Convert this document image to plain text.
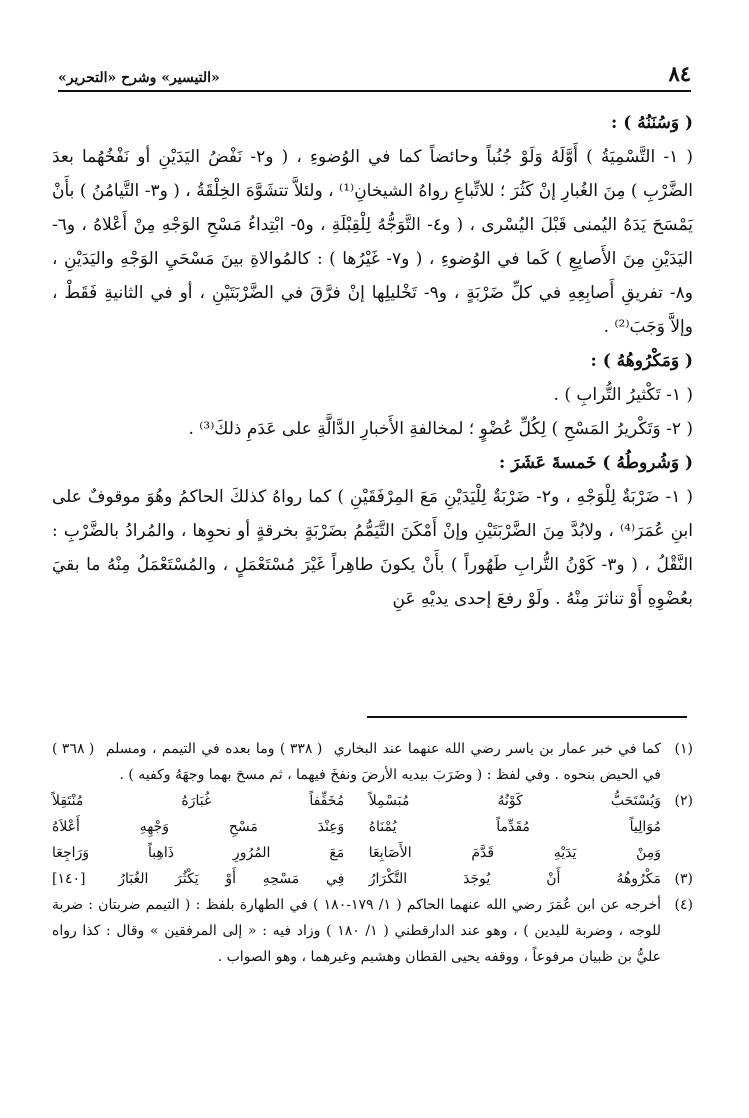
٨٤
«التيسير» وشرح «التحرير»

( وَسُنَنُهُ ) :

( ١- التَّسْمِيَةُ ) أَوَّلَهُ وَلَوْ جُنُباً وحائضاً كما في الوُضوءِ ، ( و٢- نَفْضُ اليَدَيْنِ أو نَفْخُهُما بعدَ الضَّرْبِ ) مِنَ الغُبارِ إنْ كَثُرَ ؛ للاتِّباعِ رواهُ الشيخانِ⁽¹⁾ ، ولئلاَّ تتشَوَّهَ الخِلْقَةُ ، ( و٣- التَّيامُنُ ) بأَنْ يَمْسَحَ يَدَهُ اليُمنى قَبْلَ اليُسْرى ، ( و٤- التَّوَجُّهُ لِلْقِبْلَةِ ، و٥- ابْتِداءُ مَسْحِ الوَجْهِ مِنْ أَعْلاهُ ، و٦- اليَدَيْنِ مِنَ الأَصابِعِ ) كَما في الوُضوءِ ، ( و٧- غَيْرُها ) : كالمُوالاةِ بينَ مَسْحَيِ الوَجْهِ واليَدَيْنِ ، و٨- تفريقِ أَصابِعِهِ في كلِّ ضَرْبَةٍ ، و٩- تَخْليلِها إنْ فرَّقَ في الضَّرْبَتَيْنِ ، أو في الثانيةِ فَقَطْ ، وإلاَّ وَجَبَ⁽²⁾ .

( وَمَكْرُوهُهُ ) :

( ١- تَكْثيرُ التُّرابِ ) .

( ٢- وَتَكْريرُ المَسْحِ ) لِكُلِّ عُضْوٍ ؛ لمخالفةِ الأَخبارِ الدَّالَّةِ على عَدَمِ ذلكَ⁽³⁾ .

( وَشُروطُهُ ) خَمسةَ عَشَرَ :

( ١- ضَرْبَةٌ لِلْوَجْهِ ، و٢- ضَرْبَةٌ لِلْيَدَيْنِ مَعَ المِرْفَقَيْنِ ) كما رواهُ كذلكَ الحاكمُ وهُوَ موقوفٌ على ابنِ عُمَرَ⁽⁴⁾ ، ولابُدَّ مِنَ الضَّرْبَتَيْنِ وإنْ أَمْكَنَ التَّيَمُّمُ بضَرْبَةٍ بخرقةٍ أو نحوِها ، والمُرادُ بالضَّرْبِ : النَّقْلُ ، ( و٣- كَوْنُ التُّرابِ طَهُوراً ) بأَنْ يكونَ طاهِراً غَيْرَ مُسْتَعْمَلٍ ، والمُسْتَعْمَلُ مِنْهُ ما بقيَ بعُضْوِهِ أَوْ تناثرَ مِنْهُ . ولَوْ رفعَ إحدى يديْهِ عَنِ

(١)
كما في خبر عمار بن ياسر رضي الله عنهما عند البخاري ( ٣٣٨ ) وما بعده في التيمم ، ومسلم ( ٣٦٨ ) في الحيض بنحوه . وفي لفظ : ( وضَرَبَ بيديه الأرضَ ونفخَ فيهما ، ثم مسحَ بهما وجهَهُ وكفيه ) .
(٢)
وَيُسْتَحَبُّ كَوْنُهُ مُبَسْمِلاً
مُخَفِّفاً غُبَارَهُ مُنْتَقِلاً
مُوَالِياً مُقَدِّماً يُمْنَاهُ
وَعِنْدَ مَسْحِ وَجْهِهِ أَعْلاَهُ
وَمِنْ يَدَيْهِ قَدَّمَ الأَصَابِعَا
مَعَ المُرُورِ ذَاهِباً وَرَاجِعَا
(٣)
مَكْرُوهُهُ أَنْ يُوجَدَ التَّكْرَارُ
فِي مَسْحِهِ أَوْ يَكْثُرَ الغُبَارُ [١٤٠]
(٤)
أخرجه عن ابن عُمَرَ رضي الله عنهما الحاكم ( ١/ ١٧٩-١٨٠ ) في الطهارة بلفظ : ( التيمم ضربتان : ضربة للوجه ، وضربة لليدين ) ، وهو عند الدارقطني ( ١/ ١٨٠ ) وزاد فيه : « إلى المرفقين » وقال : كذا رواه عليُّ بن ظبيان مرفوعاً ، ووقفه يحيى القطان وهشيم وغيرهما ، وهو الصواب .
